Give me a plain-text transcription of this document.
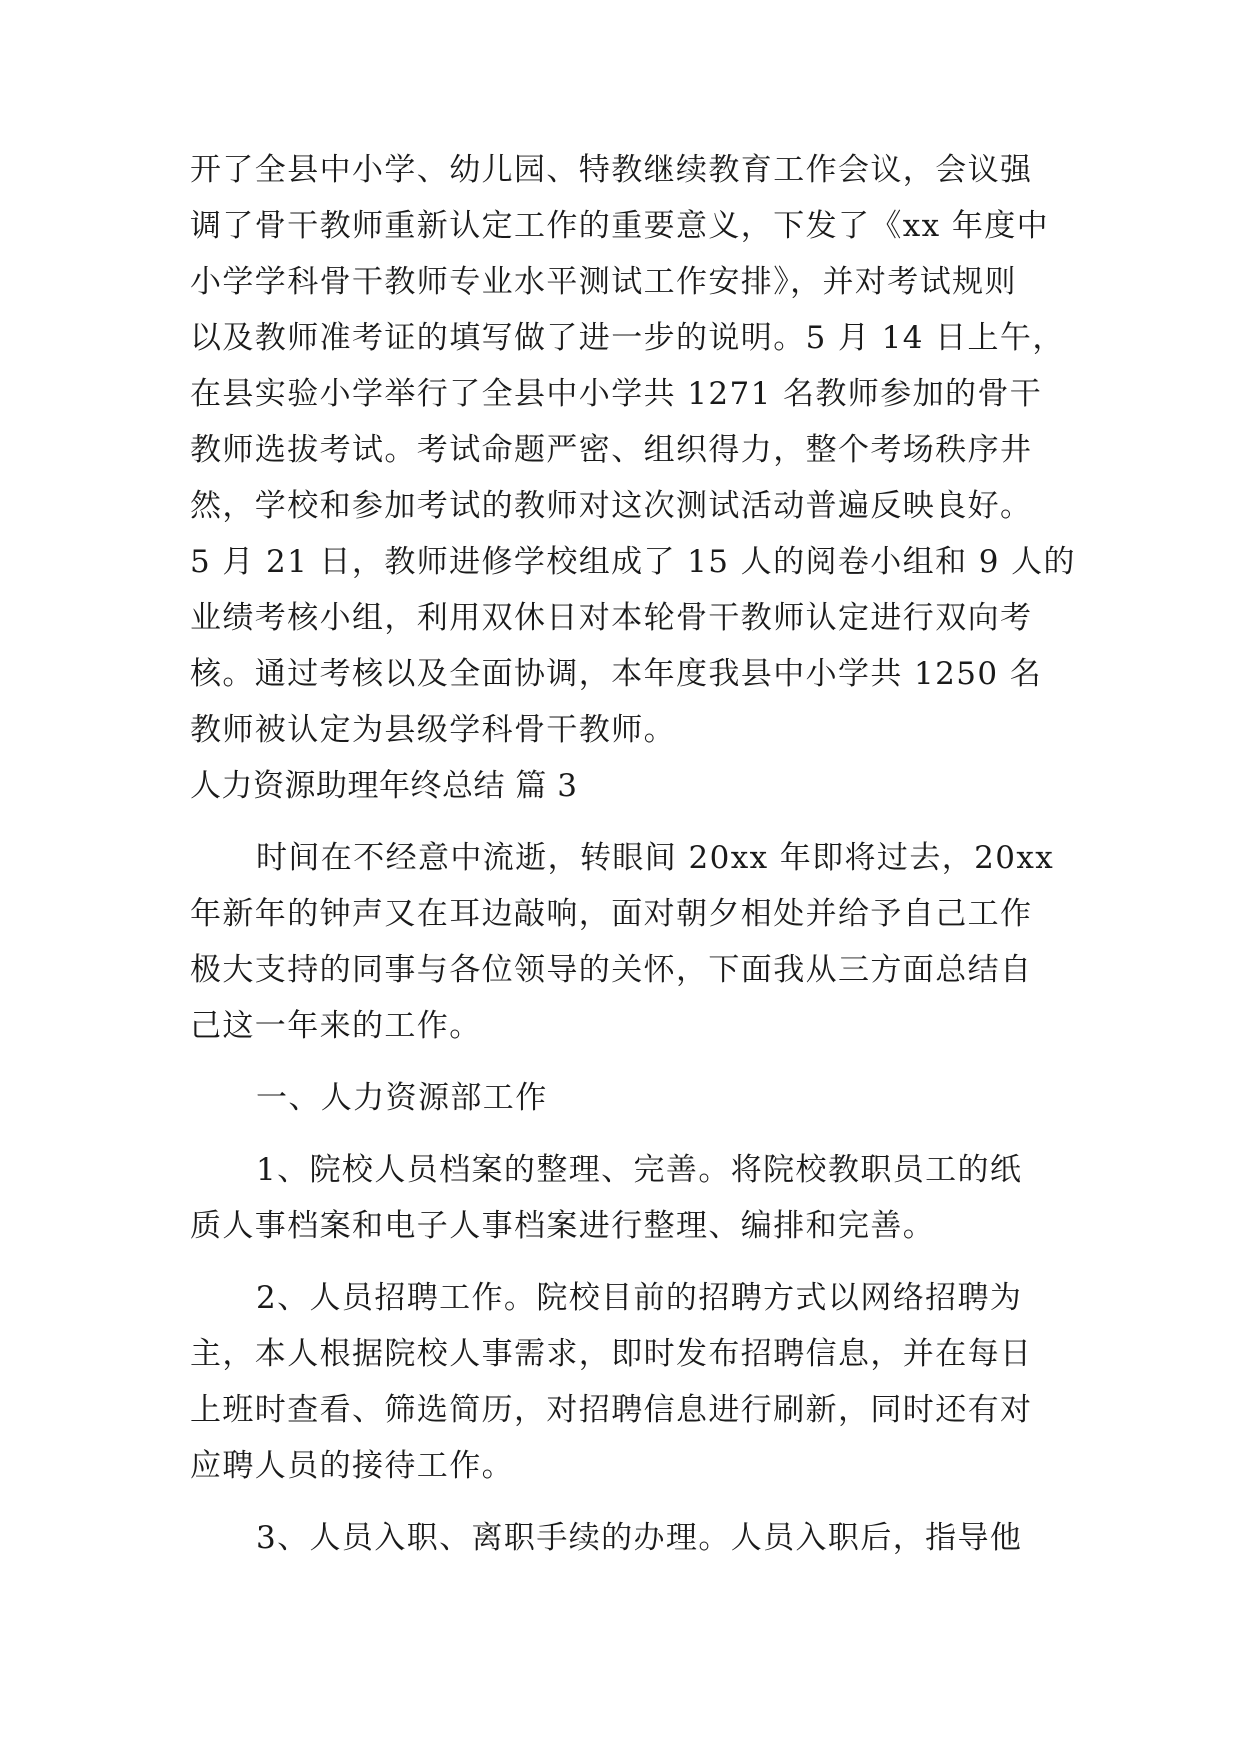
开了全县中小学、幼儿园、特教继续教育工作会议，会议强
调了骨干教师重新认定工作的重要意义，下发了《xx 年度中
小学学科骨干教师专业水平测试工作安排》，并对考试规则
以及教师准考证的填写做了进一步的说明。5 月 14 日上午，
在县实验小学举行了全县中小学共 1271 名教师参加的骨干
教师选拔考试。考试命题严密、组织得力，整个考场秩序井
然，学校和参加考试的教师对这次测试活动普遍反映良好。
5 月 21 日，教师进修学校组成了 15 人的阅卷小组和 9 人的
业绩考核小组，利用双休日对本轮骨干教师认定进行双向考
核。通过考核以及全面协调，本年度我县中小学共 1250 名
教师被认定为县级学科骨干教师。
人力资源助理年终总结 篇 3
时间在不经意中流逝，转眼间 20xx 年即将过去，20xx
年新年的钟声又在耳边敲响，面对朝夕相处并给予自己工作
极大支持的同事与各位领导的关怀，下面我从三方面总结自
己这一年来的工作。
一、人力资源部工作
1、院校人员档案的整理、完善。将院校教职员工的纸
质人事档案和电子人事档案进行整理、编排和完善。
2、人员招聘工作。院校目前的招聘方式以网络招聘为
主，本人根据院校人事需求，即时发布招聘信息，并在每日
上班时查看、筛选简历，对招聘信息进行刷新，同时还有对
应聘人员的接待工作。
3、人员入职、离职手续的办理。人员入职后，指导他
